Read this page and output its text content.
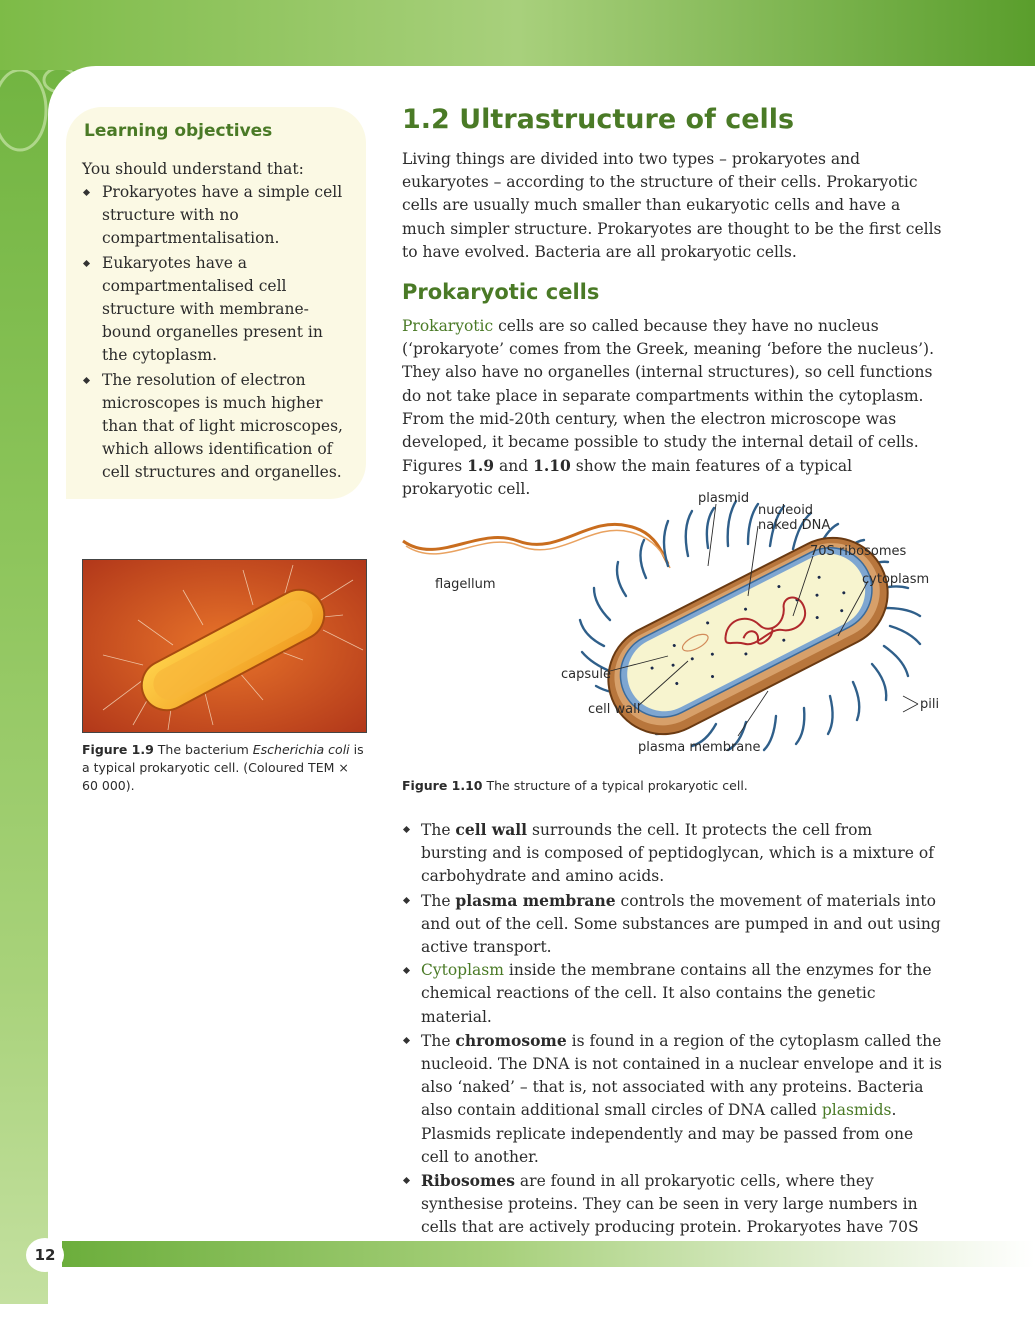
Learning objectives
You should understand that:
Prokaryotes have a simple cell structure with no compartmentalisation.
Eukaryotes have a compartmentalised cell structure with membrane-bound organelles present in the cytoplasm.
The resolution of electron microscopes is much higher than that of light microscopes, which allows identification of cell structures and organelles.
1.2 Ultrastructure of cells
Living things are divided into two types – prokaryotes and eukaryotes – according to the structure of their cells. Prokaryotic cells are usually much smaller than eukaryotic cells and have a much simpler structure. Prokaryotes are thought to be the first cells to have evolved. Bacteria are all prokaryotic cells.
Prokaryotic cells
Prokaryotic cells are so called because they have no nucleus (‘prokaryote’ comes from the Greek, meaning ‘before the nucleus’). They also have no organelles (internal structures), so cell functions do not take place in separate compartments within the cytoplasm. From the mid-20th century, when the electron microscope was developed, it became possible to study the internal detail of cells. Figures 1.9 and 1.10 show the main features of a typical prokaryotic cell.
Figure 1.9 The bacterium Escherichia coli is a typical prokaryotic cell. (Coloured TEM × 60 000).
plasmid
nucleoid
naked DNA
70S ribosomes
cytoplasm
flagellum
capsule
cell wall	pili
plasma membrane
Figure 1.10 The structure of a typical prokaryotic cell.
The cell wall surrounds the cell. It protects the cell from bursting and is composed of peptidoglycan, which is a mixture of carbohydrate and amino acids.
The plasma membrane controls the movement of materials into and out of the cell. Some substances are pumped in and out using active transport.
Cytoplasm inside the membrane contains all the enzymes for the chemical reactions of the cell. It also contains the genetic material.
The chromosome is found in a region of the cytoplasm called the nucleoid. The DNA is not contained in a nuclear envelope and it is also ‘naked’ – that is, not associated with any proteins. Bacteria also contain additional small circles of DNA called plasmids. Plasmids replicate independently and may be passed from one cell to another.
Ribosomes are found in all prokaryotic cells, where they synthesise proteins. They can be seen in very large numbers in cells that are actively producing protein. Prokaryotes have 70S
12
